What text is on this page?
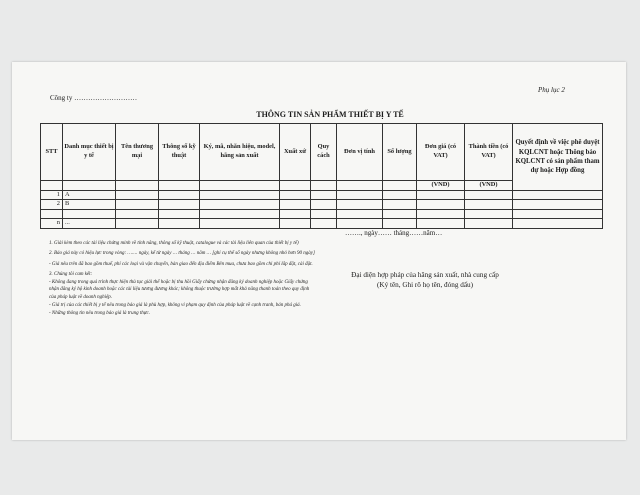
Phụ lục 2
Công ty ………………………
THÔNG TIN SẢN PHẨM THIẾT BỊ Y TẾ
STT	Danh mục thiết bị y tế	Tên thương mại	Thông số kỹ thuật	Ký, mã, nhãn hiệu, model, hãng sản xuất	Xuất xứ	Quy cách	Đơn vị tính	Số lượng	Đơn giá (có VAT)	Thành tiền (có VAT)	Quyết định về việc phê duyệt KQLCNT hoặc Thông báo KQLCNT có sản phẩm tham dự hoặc Hợp đồng
									(VND)	(VND)	
1	A										
2	B										

n	...										
……., ngày…… tháng……năm…

1. Giải kèm theo các tài liệu chứng minh về tính năng, thông số kỹ thuật, catalogue và các tài liệu liên quan của thiết bị y tế)

2. Báo giá này có hiệu lực trong vòng: ……. ngày, kể từ ngày … tháng … năm … [ghi cụ thể số ngày nhưng không nhỏ hơn 90 ngày]

- Giá nêu trên đã bao gồm thuế, phí các loại và vận chuyển, bàn giao đến địa điểm Bên mua, chưa bao gồm chi phí lắp đặt, cài đặt.

3. Chúng tôi cam kết:

- Không đang trong quá trình thực hiện thủ tục giải thể hoặc bị thu hồi Giấy chứng nhận đăng ký doanh nghiệp hoặc Giấy chứng nhận đăng ký hộ kinh doanh hoặc các tài liệu tương đương khác; không thuộc trường hợp mất khả năng thanh toán theo quy định của pháp luật về doanh nghiệp.

- Giá trị của các thiết bị y tế nêu trong báo giá là phù hợp, không vi phạm quy định của pháp luật về cạnh tranh, bán phá giá.

- Những thông tin nêu trong báo giá là trung thực.

Đại diện hợp pháp của hãng sản xuất, nhà cung cấp
(Ký tên, Ghi rõ họ tên, đóng dấu)
